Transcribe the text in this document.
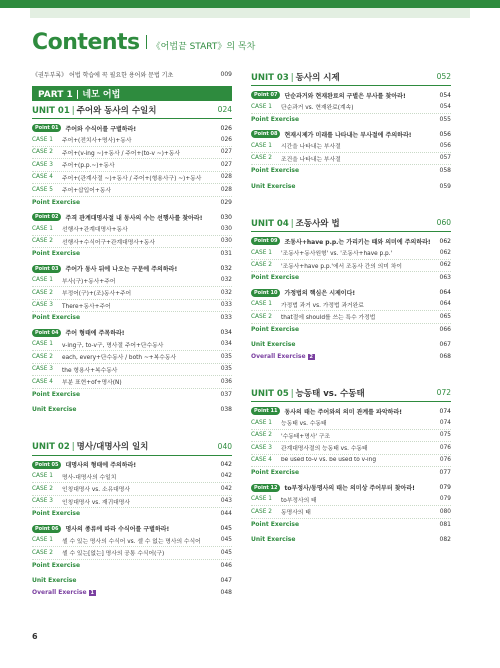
Contents 《어법끝 START》의 목차
《권두부록》 어법 학습에 꼭 필요한 용어와 문법 기초	009
PART 1 | 네모 어법
UNIT 01 | 주어와 동사의 수일치	024
Point 01	주어와 수식어를 구별하라!	026
CASE 1	주어+(전치사+명사)+동사	026
CASE 2	주어+(v-ing ~)+동사 / 주어+(to-v ~)+동사	027
CASE 3	주어+(p.p.~)+동사	027
CASE 4	주어+(관계사절 ~)+동사 / 주어+(형용사구) ~)+동사	028
CASE 5	주어+삽입어+동사	028
Point Exercise	029
Point 02	주격 관계대명사절 내 동사의 수는 선행사를 찾아라!	030
CASE 1	선행사+관계대명사+동사	030
CASE 2	선행사+수식어구+관계대명사+동사	030
Point Exercise	031
Point 03	주어가 동사 뒤에 나오는 구문에 주의하라!	032
CASE 1	부사(구)+동사+주어	032
CASE 2	부정어(구)+(조)동사+주어	032
CASE 3	There+동사+주어	033
Point Exercise	033
Point 04	주어 형태에 주목하라!	034
CASE 1	v-ing구, to-v구, 명사절 주어+단수동사	034
CASE 2	each, every+단수동사 / both ~+복수동사	035
CASE 3	the 형용사+복수동사	035
CASE 4	부분 표현+of+명사(N)	036
Point Exercise	037
Unit Exercise	038
UNIT 02 | 명사/대명사의 일치	040
Point 05	대명사의 형태에 주의하라!	042
CASE 1	명사-대명사의 수일치	042
CASE 2	인칭대명사 vs. 소유대명사	042
CASE 3	인칭대명사 vs. 재귀대명사	043
Point Exercise	044
Point 06	명사의 종류에 따라 수식어를 구별하라!	045
CASE 1	셀 수 있는 명사의 수식어 vs. 셀 수 없는 명사의 수식어	045
CASE 2	셀 수 있는[없는] 명사의 공통 수식어(구)	045
Point Exercise	046
Unit Exercise	047
Overall Exercise 1	048
UNIT 03 | 동사의 시제	052
Point 07	단순과거와 현재완료의 구별은 부사를 찾아라!	054
CASE 1	단순과거 vs. 현재완료(계속)	054
Point Exercise	055
Point 08	현재시제가 미래를 나타내는 부사절에 주의하라!	056
CASE 1	시간을 나타내는 부사절	056
CASE 2	조건을 나타내는 부사절	057
Point Exercise	058
Unit Exercise	059
UNIT 04 | 조동사와 법	060
Point 09	조동사+have p.p.는 가리키는 때와 의미에 주의하라!	062
CASE 1	'조동사+동사원형' vs. '조동사+have p.p.'	062
CASE 2	'조동사+have p.p.'에서 조동사 간의 의미 차이	062
Point Exercise	063
Point 10	가정법의 핵심은 시제이다!	064
CASE 1	가정법 과거 vs. 가정법 과거완료	064
CASE 2	that절에 should를 쓰는 특수 가정법	065
Point Exercise	066
Unit Exercise	067
Overall Exercise 2	068
UNIT 05 | 능동태 vs. 수동태	072
Point 11	동사의 태는 주어와의 의미 관계를 파악하라!	074
CASE 1	능동태 vs. 수동태	074
CASE 2	'수동태+명사' 구조	075
CASE 3	관계대명사절의 능동태 vs. 수동태	076
CASE 4	be used to-v vs. be used to v-ing	076
Point Exercise	077
Point 12	to부정사/동명사의 태는 의미상 주어부터 찾아라!	079
CASE 1	to부정사의 태	079
CASE 2	동명사의 태	080
Point Exercise	081
Unit Exercise	082
6
